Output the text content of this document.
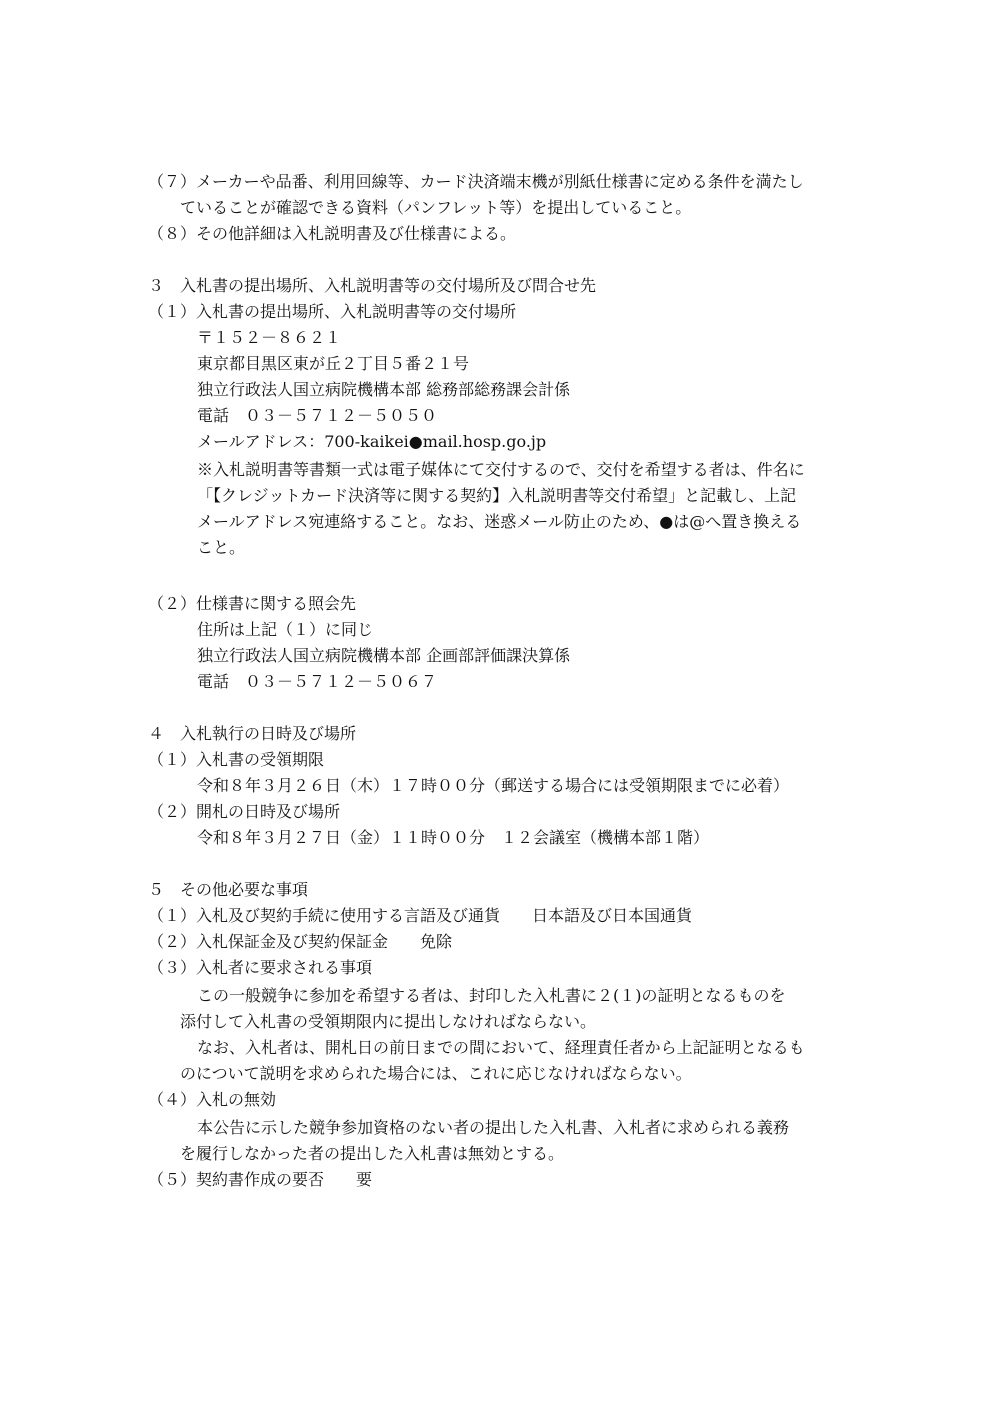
（７）メーカーや品番、利用回線等、カード決済端末機が別紙仕様書に定める条件を満たし
ていることが確認できる資料（パンフレット等）を提出していること。
（８）その他詳細は入札説明書及び仕様書による。
３　入札書の提出場所、入札説明書等の交付場所及び問合せ先
（１）入札書の提出場所、入札説明書等の交付場所
〒１５２－８６２１
東京都目黒区東が丘２丁目５番２１号
独立行政法人国立病院機構本部 総務部総務課会計係
電話　０３－５７１２－５０５０
メールアドレス：700-kaikei●mail.hosp.go.jp
※入札説明書等書類一式は電子媒体にて交付するので、交付を希望する者は、件名に
「【クレジットカード決済等に関する契約】入札説明書等交付希望」と記載し、上記
メールアドレス宛連絡すること。なお、迷惑メール防止のため、●は@へ置き換える
こと。
（２）仕様書に関する照会先
住所は上記（１）に同じ
独立行政法人国立病院機構本部 企画部評価課決算係
電話　０３－５７１２－５０６７
４　入札執行の日時及び場所
（１）入札書の受領期限
令和８年３月２６日（木）１７時００分（郵送する場合には受領期限までに必着）
（２）開札の日時及び場所
令和８年３月２７日（金）１１時００分　１２会議室（機構本部１階）
５　その他必要な事項
（１）入札及び契約手続に使用する言語及び通貨　　日本語及び日本国通貨
（２）入札保証金及び契約保証金　　免除
（３）入札者に要求される事項
この一般競争に参加を希望する者は、封印した入札書に２(１)の証明となるものを
添付して入札書の受領期限内に提出しなければならない。
なお、入札者は、開札日の前日までの間において、経理責任者から上記証明となるも
のについて説明を求められた場合には、これに応じなければならない。
（４）入札の無効
本公告に示した競争参加資格のない者の提出した入札書、入札者に求められる義務
を履行しなかった者の提出した入札書は無効とする。
（５）契約書作成の要否　　要
